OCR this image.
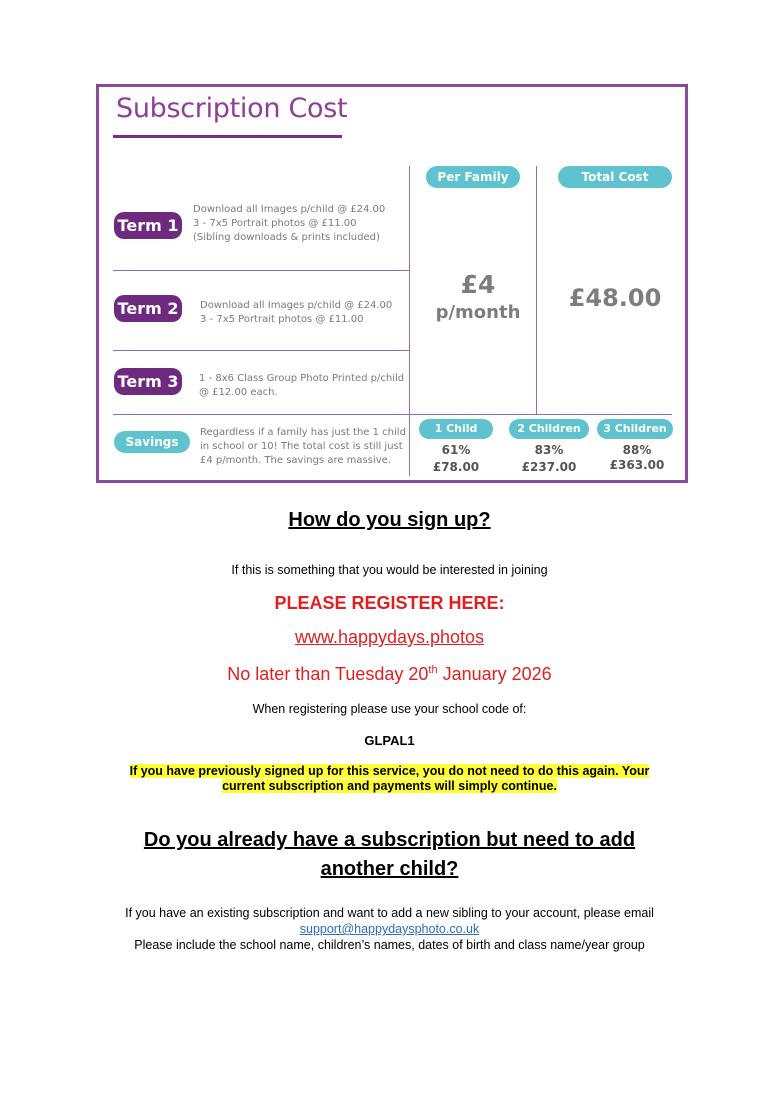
Subscription Cost
Per Family	Total Cost
Term 1
Download all Images p/child @ £24.00
3 - 7x5 Portrait photos @ £11.00
(Sibling downloads & prints included)
Term 2	Download all Images p/child @ £24.00
3 - 7x5 Portrait photos @ £11.00
Term 3	1 - 8x6 Class Group Photo Printed p/child
@ £12.00 each.
£4
p/month
£48.00
Savings
Regardless if a family has just the 1 child
in school or 10! The total cost is still just
£4 p/month. The savings are massive.
1 Child	2 Children	3 Children
61%	83%	88%
£78.00	£237.00	£363.00
How do you sign up?
If this is something that you would be interested in joining
PLEASE REGISTER HERE:
www.happydays.photos
No later than Tuesday 20th January 2026
When registering please use your school code of:
GLPAL1
If you have previously signed up for this service, you do not need to do this again. Your
current subscription and payments will simply continue.
Do you already have a subscription but need to add
another child?
If you have an existing subscription and want to add a new sibling to your account, please email
support@happydaysphoto.co.uk
Please include the school name, children’s names, dates of birth and class name/year group
